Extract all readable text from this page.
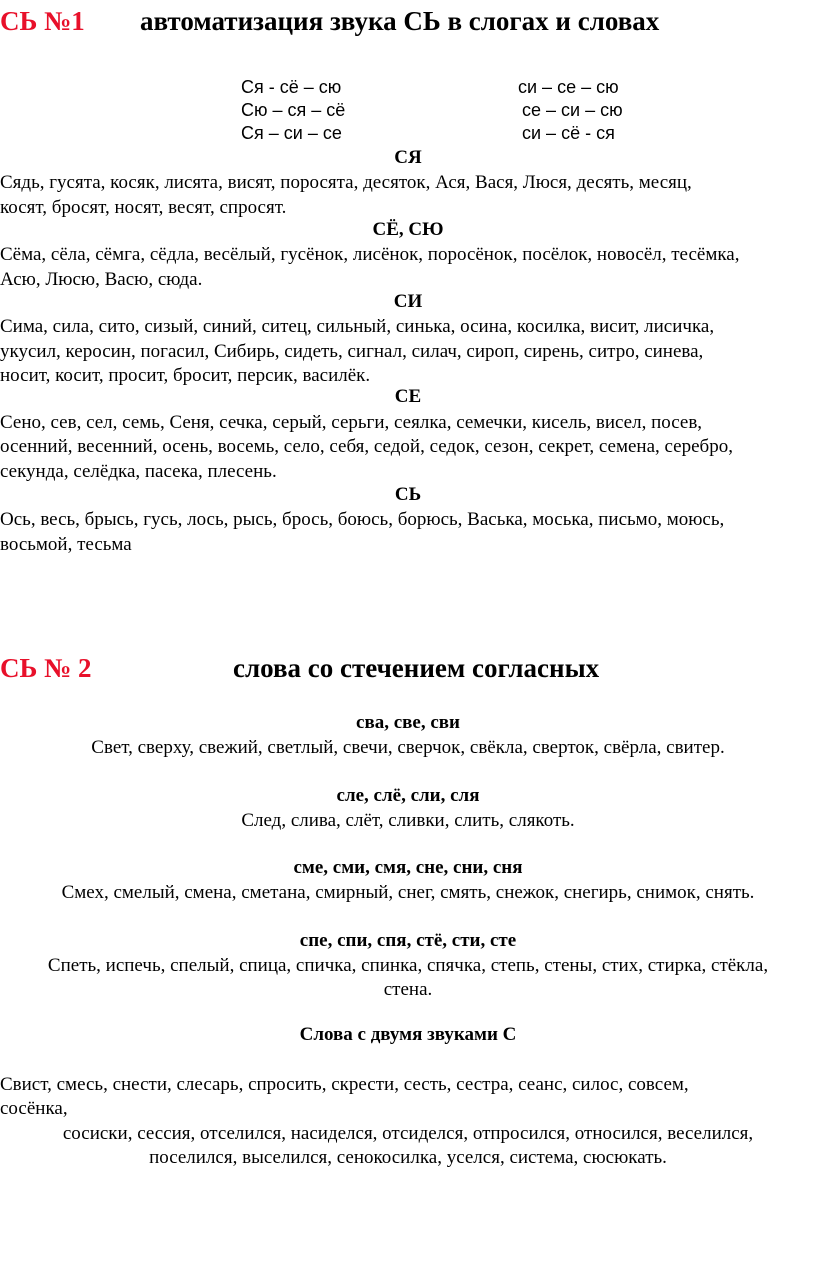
СЬ №1 автоматизация звука СЬ в слогах и словах
Ся - сё – сю
Сю – ся – сё
Ся – си – се
си – се – сю
се – си – сю
си – сё - ся
СЯ
Сядь, гусята, косяк, лисята, висят, поросята, десяток, Ася, Вася, Люся, десять, месяц,
косят, бросят, носят, весят, спросят.
СЁ, СЮ
Сёма, сёла, сёмга, сёдла, весёлый, гусёнок, лисёнок, поросёнок, посёлок, новосёл, тесёмка,
Асю, Люсю, Васю, сюда.
СИ
Сима, сила, сито, сизый, синий, ситец, сильный, синька, осина, косилка, висит, лисичка,
укусил, керосин, погасил, Сибирь, сидеть, сигнал, силач, сироп, сирень, ситро, синева,
носит, косит, просит, бросит, персик, василёк.
СЕ
Сено, сев, сел, семь, Сеня, сечка, серый, серьги, сеялка, семечки, кисель, висел, посев,
осенний, весенний, осень, восемь, село, себя, седой, седок, сезон, секрет, семена, серебро,
секунда, селёдка, пасека, плесень.
СЬ
Ось, весь, брысь, гусь, лось, рысь, брось, боюсь, борюсь, Васька, моська, письмо, моюсь,
восьмой, тесьма
СЬ № 2	слова со стечением согласных
сва, све, сви
Свет, сверху, свежий, светлый, свечи, сверчок, свёкла, сверток, свёрла, свитер.
сле, слё, сли, сля
След, слива, слёт, сливки, слить, слякоть.
сме, сми, смя, сне, сни, сня
Смех, смелый, смена, сметана, смирный, снег, смять, снежок, снегирь, снимок, снять.
спе, спи, спя, стё, сти, сте
Спеть, испечь, спелый, спица, спичка, спинка, спячка, степь, стены, стих, стирка, стёкла,
стена.
Слова с двумя звуками С
Свист, смесь, снести, слесарь, спросить, скрести, сесть, сестра, сеанс, силос, совсем,
сосёнка,
сосиски, сессия, отселился, насиделся, отсиделся, отпросился, относился, веселился,
поселился, выселился, сенокосилка, уселся, система, сюсюкать.
